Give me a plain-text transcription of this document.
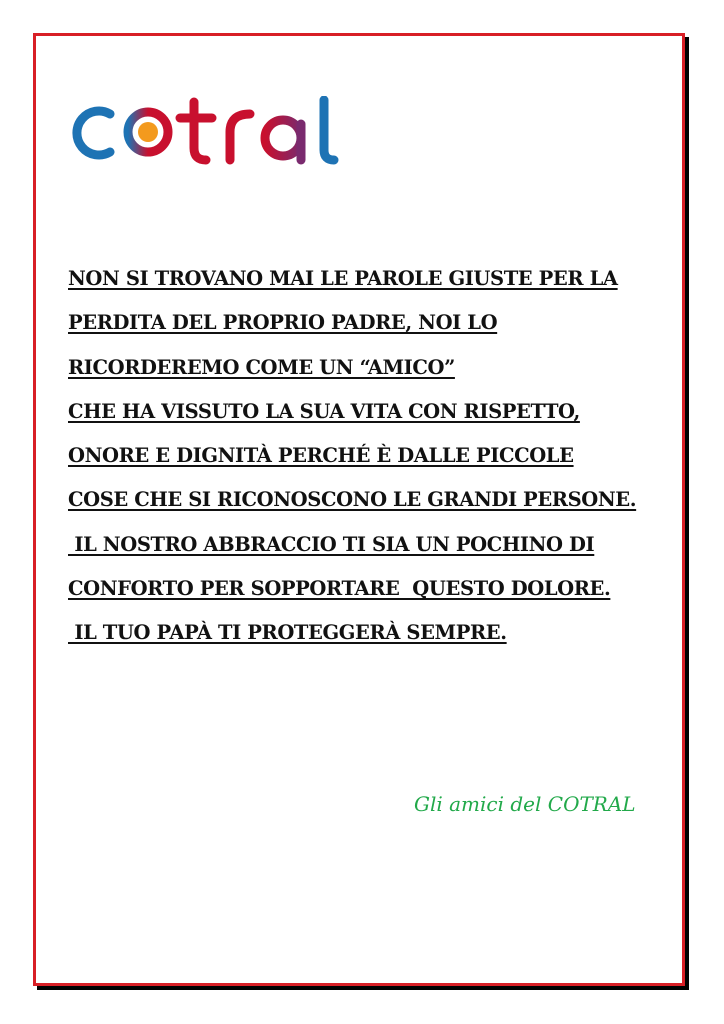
NON SI TROVANO MAI LE PAROLE GIUSTE PER LA
PERDITA DEL PROPRIO PADRE, NOI LO
RICORDEREMO COME UN “AMICO”
CHE HA VISSUTO LA SUA VITA CON RISPETTO,
ONORE E DIGNITÀ PERCHÉ È DALLE PICCOLE
COSE CHE SI RICONOSCONO LE GRANDI PERSONE.
IL NOSTRO ABBRACCIO TI SIA UN POCHINO DI
CONFORTO PER SOPPORTARE  QUESTO DOLORE.
IL TUO PAPÀ TI PROTEGGERÀ SEMPRE.
Gli amici del COTRAL
